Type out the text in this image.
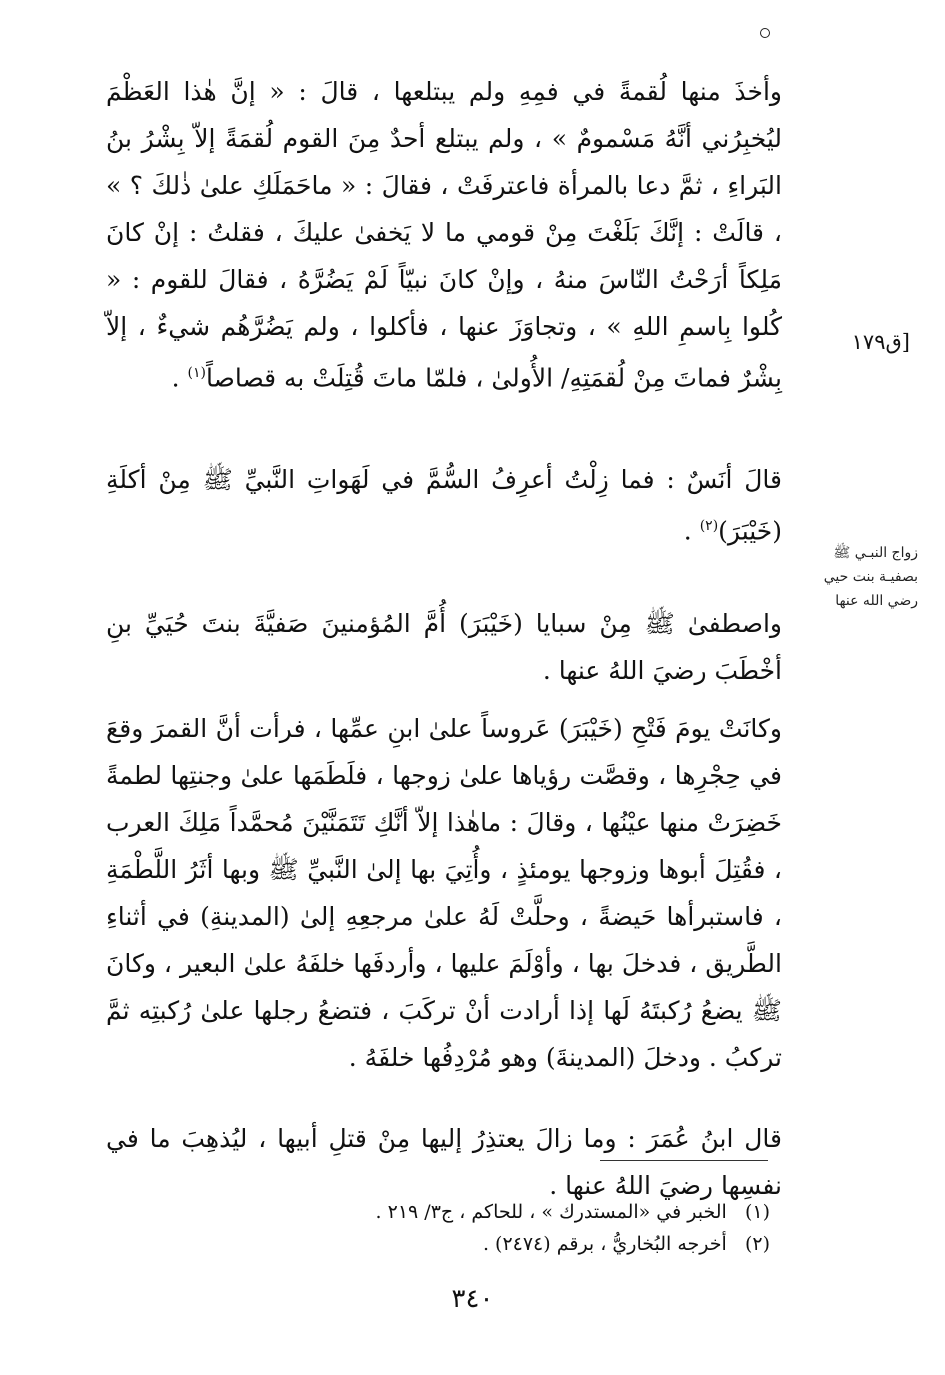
وأخذَ منها لُقمةً في فمِهِ ولم يبتلعها ، قالَ : « إنَّ هٰذا العَظْمَ ليُخبِرُني أنَّهُ مَسْمومٌ » ، ولم يبتلع أحدٌ مِنَ القوم لُقمَةً إلاّ بِشْرُ بنُ البَراءِ ، ثمَّ دعا بالمرأة فاعترفَتْ ، فقالَ : « ماحَمَلَكِ علىٰ ذٰلكَ ؟ » ، قالَتْ : إنَّكَ بَلَغْتَ مِنْ قومي ما لا يَخفىٰ عليكَ ، فقلتُ : إنْ كانَ مَلِكاً أرَحْتُ النّاسَ منهُ ، وإنْ كانَ نبيّاً لَمْ يَضُرَّهُ ، فقالَ للقوم : « كُلوا بِاسمِ اللهِ » ، وتجاوَزَ عنها ، فأكلوا ، ولم يَضُرَّهُم شيءٌ ، إلاّ بِشْرٌ فماتَ مِنْ لُقمَتِهِ/ الأُولىٰ ، فلمّا ماتَ قُتِلَتْ به قصاصاً$^{(١)}$ .

قالَ أنَسٌ : فما زِلْتُ أعرِفُ السُّمَّ في لَهَواتِ النَّبيِّ ﷺ مِنْ أكلَةِ (خَيْبَرَ)$^{(٢)}$ .

واصطفىٰ ﷺ مِنْ سبايا (خَيْبَرَ) أُمَّ المُؤمنينَ صَفيَّةَ بنتَ حُيَيِّ بنِ أخْطَبَ رضيَ اللهُ عنها .

وكانَتْ يومَ فَتْحِ (خَيْبَرَ) عَروساً علىٰ ابنِ عمِّها ، فرأت أنَّ القمرَ وقعَ في حِجْرِها ، وقصَّت رؤياها علىٰ زوجها ، فلَطَمَها علىٰ وجنتِها لطمةً خَضِرَتْ منها عيْنُها ، وقالَ : ماهٰذا إلاّ أنَّكِ تَتَمَنَّيْنَ مُحمَّداً مَلِكَ العرب ، فقُتِلَ أبوها وزوجها يومئذٍ ، وأُتِيَ بها إلىٰ النَّبيِّ ﷺ وبها أثَرُ اللَّطْمَةِ ، فاستبرأها حَيضةً ، وحلَّتْ لَهُ علىٰ مرجعِهِ إلىٰ (المدينةِ) في أثناءِ الطَّريق ، فدخلَ بها ، وأوْلَمَ عليها ، وأردفَها خلفَهُ علىٰ البعير ، وكانَ ﷺ يضعُ رُكبتَهُ لَها إذا أرادت أنْ تركَبَ ، فتضعُ رجلها علىٰ رُكبتِه ثمَّ تركبُ . ودخلَ (المدينةَ) وهو مُرْدِفُها خلفَهُ .

قال ابنُ عُمَرَ : وما زالَ يعتذِرُ إليها مِنْ قتلِ أبيها ، ليُذهِبَ ما في نفسِها رضيَ اللهُ عنها .

[ق١٧٩
زواج النبـي ﷺ بصفيـة بنت حيي رضي الله عنها

(١)   الخبر في «المستدرك » ، للحاكم ، ج٣/ ٢١٩ .

(٢)   أخرجه البُخاريُّ ، برقم (٢٤٧٤) .

٣٤٠
